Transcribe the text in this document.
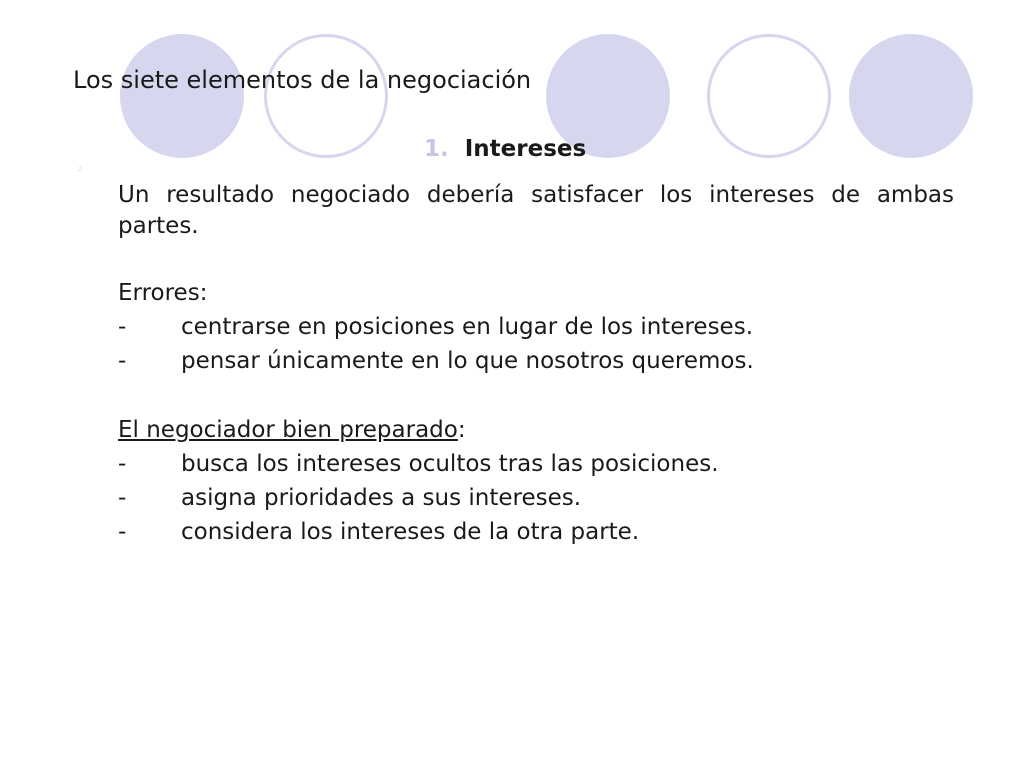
Los siete elementos de la negociación
1. Intereses
2
Un resultado negociado debería satisfacer los intereses de ambas partes.
Errores:
- centrarse en posiciones en lugar de los intereses.
- pensar únicamente en lo que nosotros queremos.
El negociador bien preparado:
- busca los intereses ocultos tras las posiciones.
- asigna prioridades a sus intereses.
- considera los intereses de la otra parte.
